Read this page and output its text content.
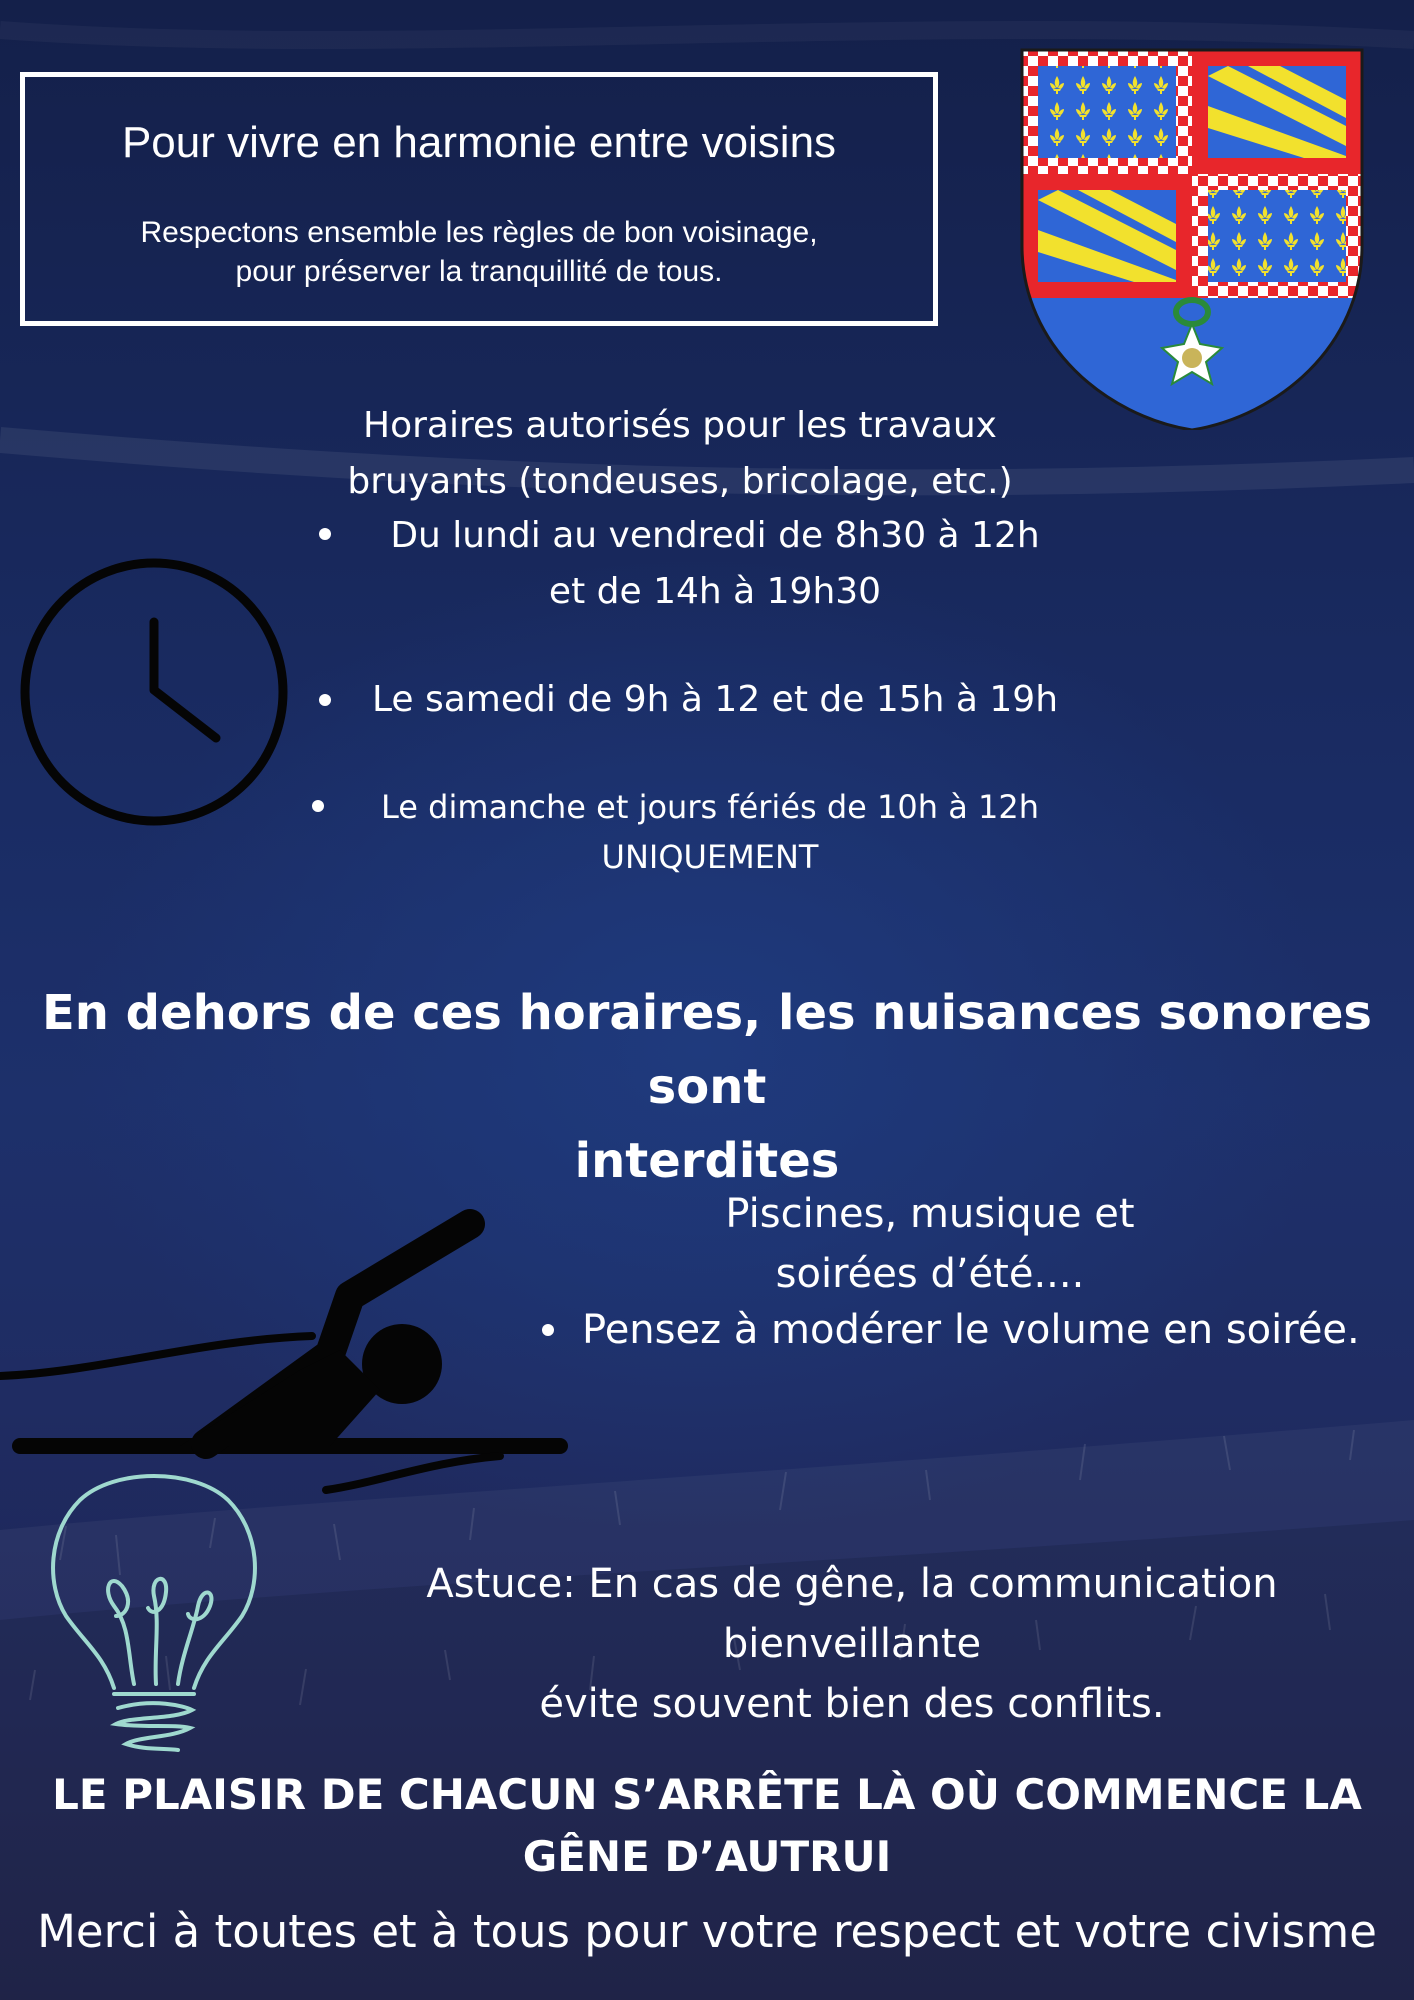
Pour vivre en harmonie entre voisins
Respectons ensemble les règles de bon voisinage,
pour préserver la tranquillité de tous.
Horaires autorisés pour les travaux
bruyants (tondeuses, bricolage, etc.)
Du lundi au vendredi de 8h30 à 12h
et de 14h à 19h30
Le samedi de 9h à 12 et de 15h à 19h
Le dimanche et jours fériés de 10h à 12h
UNIQUEMENT
En dehors de ces horaires, les nuisances sonores sont
interdites
Piscines, musique et
soirées d’été....
Pensez à modérer le volume en soirée.
Astuce: En cas de gêne, la communication bienveillante
évite souvent bien des conflits.
LE PLAISIR DE CHACUN S’ARRÊTE LÀ OÙ COMMENCE LA
GÊNE D’AUTRUI
Merci à toutes et à tous pour votre respect et votre civisme
